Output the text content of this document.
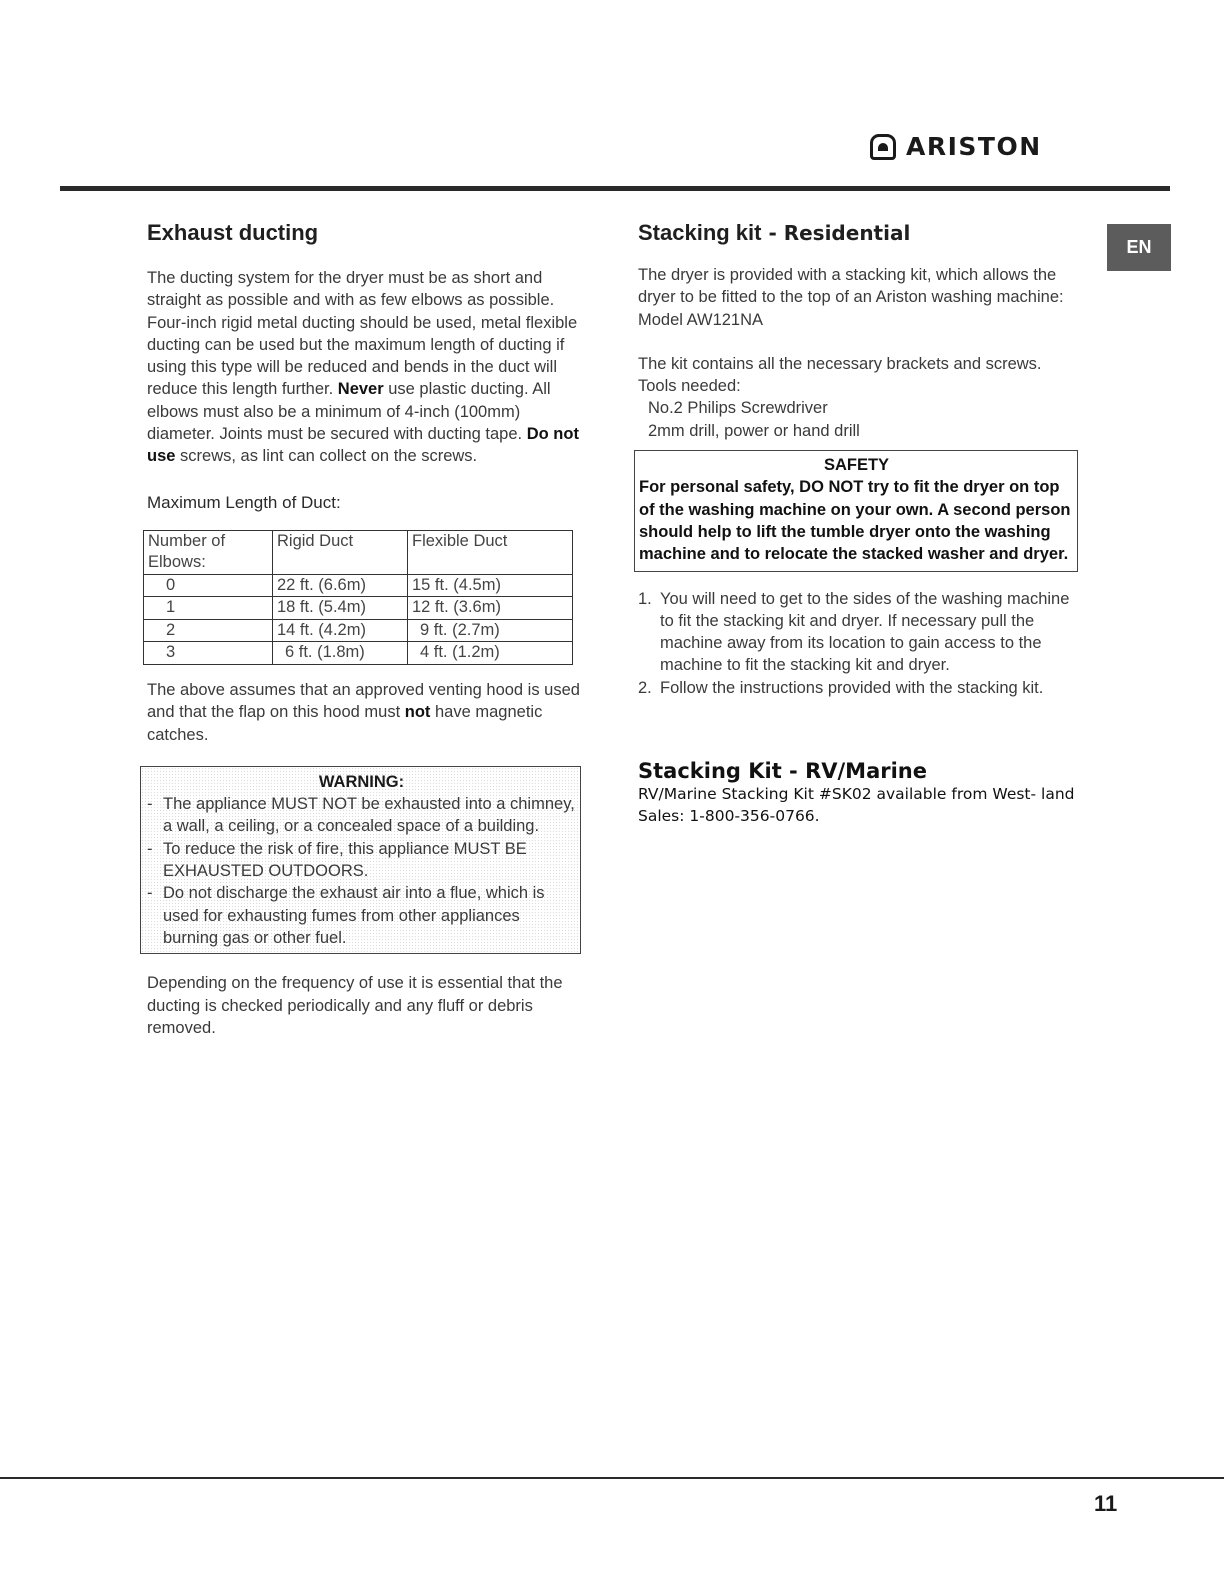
ARISTON
EN
Exhaust ducting

The ducting system for the dryer must be as short and straight as possible and with as few elbows as possible. Four-inch rigid metal ducting should be used, metal flexible ducting can be used but the maximum length of ducting if using this type will be reduced and bends in the duct will reduce this length further. Never use plastic ducting. All elbows must also be a minimum of 4-inch (100mm) diameter. Joints must be secured with ducting tape. Do not use screws, as lint can collect on the screws.

Maximum Length of Duct:

Number of Elbows:	Rigid Duct	Flexible Duct
0	22 ft. (6.6m)	15 ft. (4.5m)
1	18 ft. (5.4m)	12 ft. (3.6m)
2	14 ft. (4.2m)	9 ft. (2.7m)
3	6 ft. (1.8m)	4 ft. (1.2m)

The above assumes that an approved venting hood is used and that the flap on this hood must not have magnetic catches.

WARNING:
- The appliance MUST NOT be exhausted into a chimney, a wall, a ceiling, or a concealed space of a building.
- To reduce the risk of fire, this appliance MUST BE EXHAUSTED OUTDOORS.
- Do not discharge the exhaust air into a flue, which is used for exhausting fumes from other appliances burning gas or other fuel.

Depending on the frequency of use it is essential that the ducting is checked periodically and any fluff or debris removed.

Stacking kit - Residential

The dryer is provided with a stacking kit, which allows the dryer to be fitted to the top of an Ariston washing machine:
Model AW121NA

The kit contains all the necessary brackets and screws.
Tools needed:
No.2 Philips Screwdriver
2mm drill, power or hand drill

SAFETY
For personal safety, DO NOT try to fit the dryer on top of the washing machine on your own. A second person should help to lift the tumble dryer onto the washing machine and to relocate the stacked washer and dryer.
1. You will need to get to the sides of the washing machine to fit the stacking kit and dryer. If necessary pull the machine away from its location to gain access to the machine to fit the stacking kit and dryer.
2. Follow the instructions provided with the stacking kit.
Stacking Kit - RV/Marine
RV/Marine Stacking Kit #SK02 available from West- land Sales: 1-800-356-0766.
11
